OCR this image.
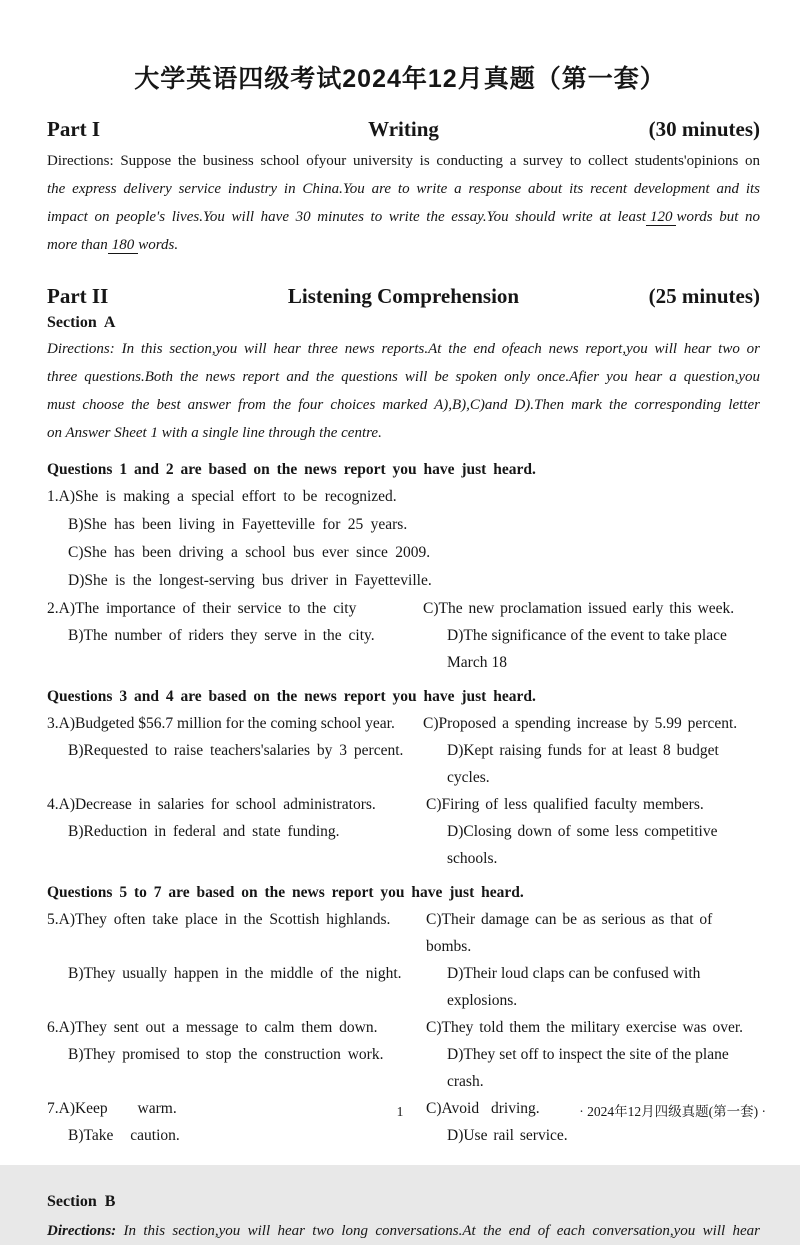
大学英语四级考试2024年12月真题（第一套）
Part I	Writing	(30 minutes)
Directions: Suppose the business school ofyour university is conducting a survey to collect students'opinions on
the express delivery service industry in China.You are to write a response about its recent development and its
impact on people's lives.You will have 30 minutes to write the essay.You should write at least 120 words but no
more than 180 words.
Part II	Listening Comprehension	(25 minutes)
Section A
Directions: In this section,you will hear three news reports.At the end ofeach news report,you will hear two or
three questions.Both the news report and the questions will be spoken only once.Afier you hear a question,you
must choose the best answer from the four choices marked A),B),C)and D).Then mark the corresponding letter
on Answer Sheet 1 with a single line through the centre.
Questions 1 and 2 are based on the news report you have just heard.
1.A)She is making a special effort to be recognized.
B)She has been living in Fayetteville for 25 years.
C)She has been driving a school bus ever since 2009.
D)She is the longest-serving bus driver in Fayetteville.
2.A)The importance of their service to the city	C)The new proclamation issued early this week.
B)The number of riders they serve in the city.	D)The significance of the event to take place March 18
Questions 3 and 4 are based on the news report you have just heard.
3.A)Budgeted $56.7 million for the coming school year.	C)Proposed a spending increase by 5.99 percent.
B)Requested to raise teachers'salaries by 3 percent.	D)Kept raising funds for at least 8 budget cycles.
4.A)Decrease in salaries for school administrators.	C)Firing of less qualified faculty members.
B)Reduction in federal and state funding.	D)Closing down of some less competitive schools.
Questions 5 to 7 are based on the news report you have just heard.
5.A)They often take place in the Scottish highlands.	C)Their damage can be as serious as that of bombs.
B)They usually happen in the middle of the night.	D)Their loud claps can be confused with explosions.
6.A)They sent out a message to calm them down.	C)They told them the military exercise was over.
B)They promised to stop the construction work.	D)They set off to inspect the site of the plane crash.
7.A)Keep warm.	C)Avoid driving.
B)Take caution.	D)Use rail service.
Section B
Directions: In this section,you will hear two long conversations.At the end of each conversation,you will hear
1	· 2024年12月四级真题(第一套) ·
